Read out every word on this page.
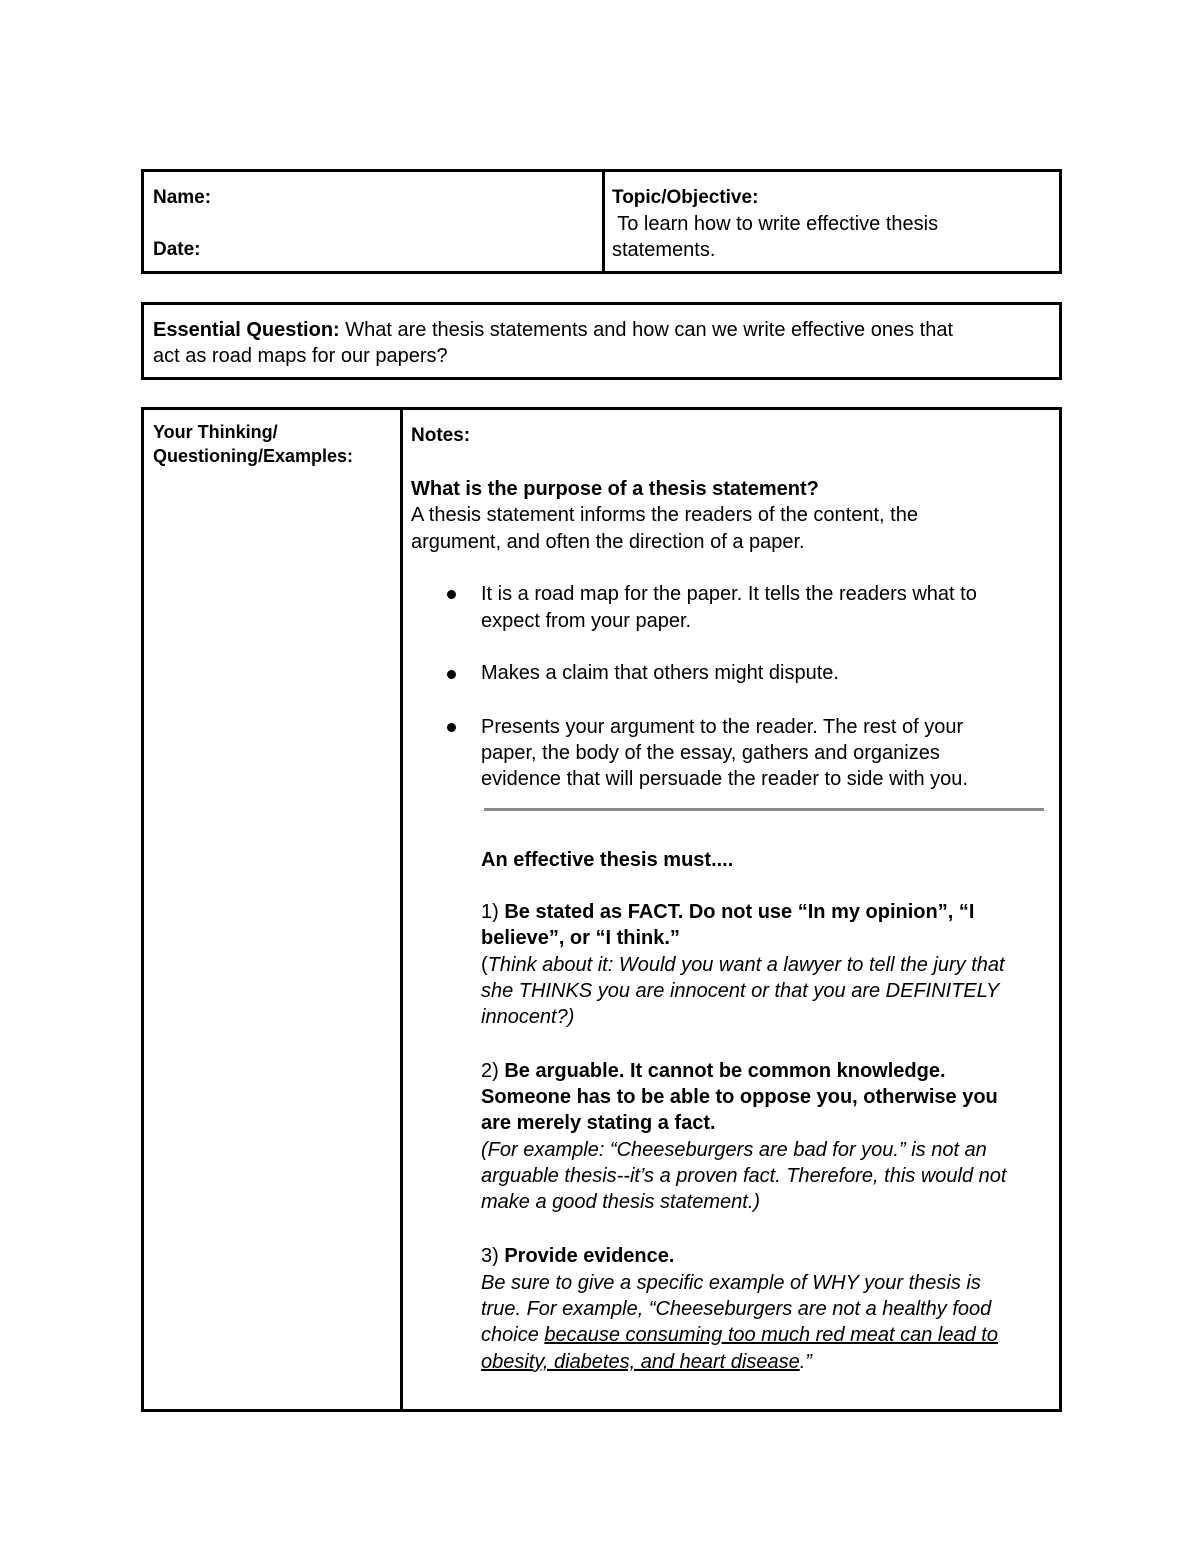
Name:
Date:
Topic/Objective:
To learn how to write effective thesis
statements.
Essential Question: What are thesis statements and how can we write effective ones that
act as road maps for our papers?
Your Thinking/
Questioning/Examples:
Notes:
What is the purpose of a thesis statement?
A thesis statement informs the readers of the content, the
argument, and often the direction of a paper.
It is a road map for the paper. It tells the readers what to
expect from your paper.
Makes a claim that others might dispute.
Presents your argument to the reader. The rest of your
paper, the body of the essay, gathers and organizes
evidence that will persuade the reader to side with you.
An effective thesis must....
1) Be stated as FACT. Do not use “In my opinion”, “I
believe”, or “I think.”
(Think about it: Would you want a lawyer to tell the jury that
she THINKS you are innocent or that you are DEFINITELY
innocent?)
2) Be arguable. It cannot be common knowledge.
Someone has to be able to oppose you, otherwise you
are merely stating a fact.
(For example: “Cheeseburgers are bad for you.” is not an
arguable thesis--it’s a proven fact. Therefore, this would not
make a good thesis statement.)
3) Provide evidence.
Be sure to give a specific example of WHY your thesis is
true. For example, “Cheeseburgers are not a healthy food
choice because consuming too much red meat can lead to
obesity, diabetes, and heart disease.”
